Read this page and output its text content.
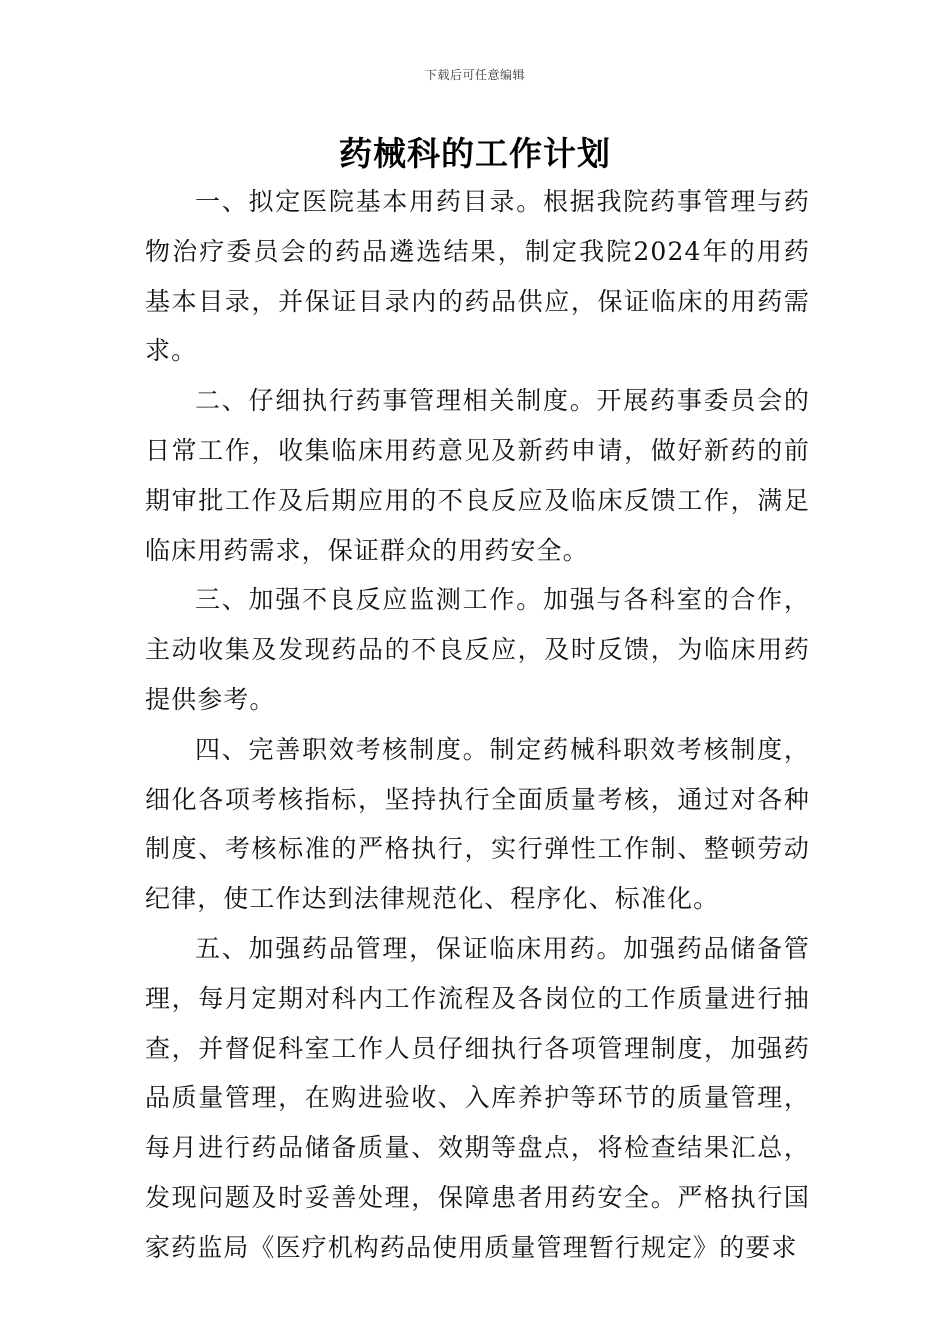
下载后可任意编辑
药械科的工作计划

一、拟定医院基本用药目录。根据我院药事管理与药物治疗委员会的药品遴选结果，制定我院2024年的用药基本目录，并保证目录内的药品供应，保证临床的用药需求。

二、仔细执行药事管理相关制度。开展药事委员会的日常工作，收集临床用药意见及新药申请，做好新药的前期审批工作及后期应用的不良反应及临床反馈工作，满足临床用药需求，保证群众的用药安全。

三、加强不良反应监测工作。加强与各科室的合作，主动收集及发现药品的不良反应，及时反馈，为临床用药提供参考。

四、完善职效考核制度。制定药械科职效考核制度，细化各项考核指标，坚持执行全面质量考核，通过对各种制度、考核标准的严格执行，实行弹性工作制、整顿劳动纪律，使工作达到法律规范化、程序化、标准化。

五、加强药品管理，保证临床用药。加强药品储备管理，每月定期对科内工作流程及各岗位的工作质量进行抽查，并督促科室工作人员仔细执行各项管理制度，加强药品质量管理，在购进验收、入库养护等环节的质量管理，每月进行药品储备质量、效期等盘点，将检查结果汇总，发现问题及时妥善处理，保障患者用药安全。严格执行国家药监局《医疗机构药品使用质量管理暂行规定》的要求
